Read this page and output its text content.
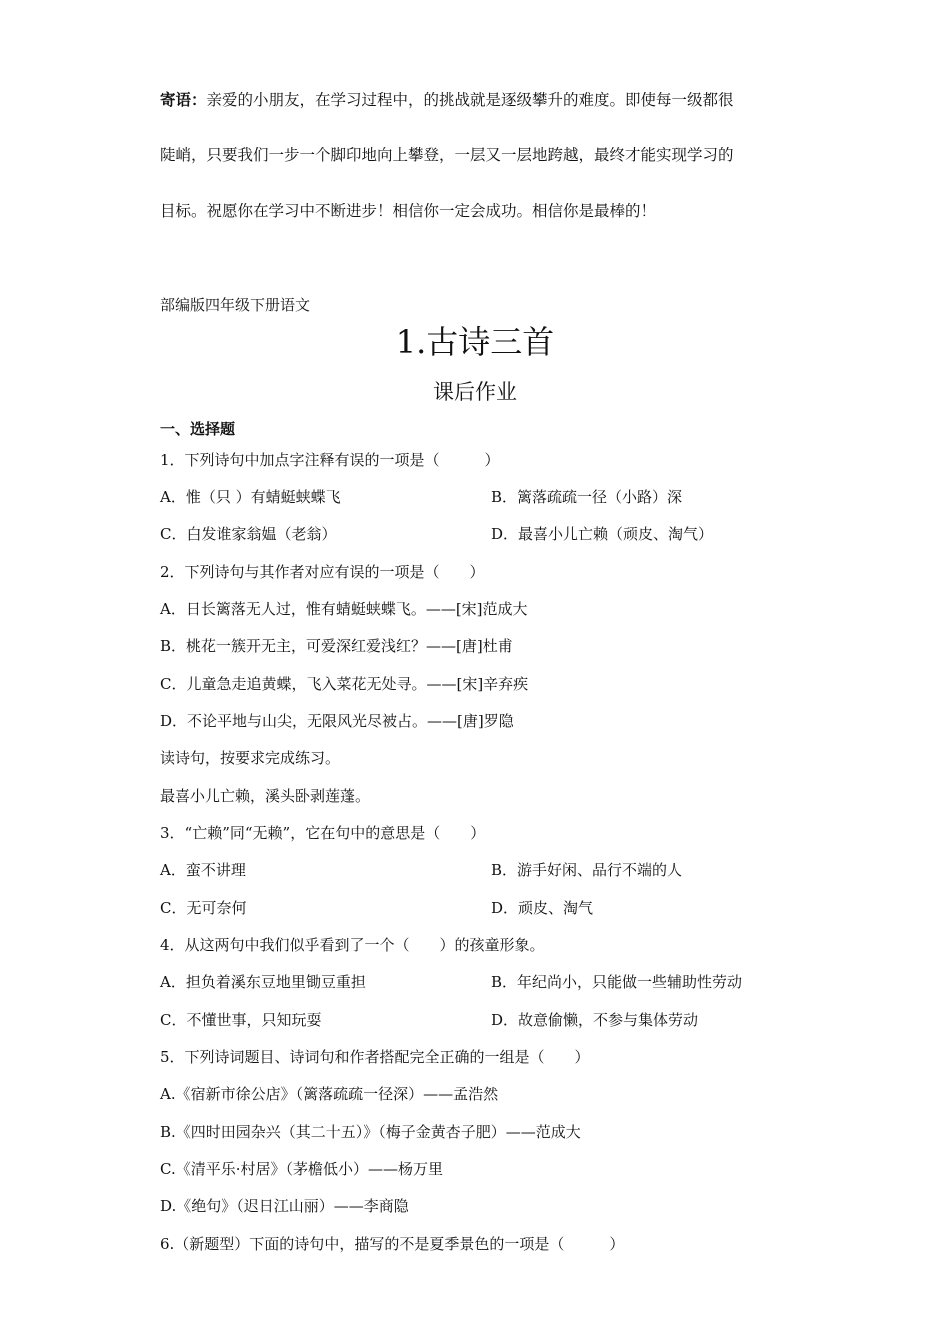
寄语：亲爱的小朋友，在学习过程中，的挑战就是逐级攀升的难度。即使每一级都很
陡峭，只要我们一步一个脚印地向上攀登，一层又一层地跨越，最终才能实现学习的
目标。祝愿你在学习中不断进步！相信你一定会成功。相信你是最棒的！
部编版四年级下册语文
1.古诗三首
课后作业
一、选择题
1．下列诗句中加点字注释有误的一项是（　　　）
A．惟（只 ）有蜻蜓蛱蝶飞	B．篱落疏疏一径（小路）深
C．白发谁家翁媪（老翁）	D．最喜小儿亡赖（顽皮、淘气）
2．下列诗句与其作者对应有误的一项是（　　）
A．日长篱落无人过，惟有蜻蜓蛱蝶飞。——[宋]范成大
B．桃花一簇开无主，可爱深红爱浅红？——[唐]杜甫
C．儿童急走追黄蝶，飞入菜花无处寻。——[宋]辛弃疾
D．不论平地与山尖，无限风光尽被占。——[唐]罗隐
读诗句，按要求完成练习。
最喜小儿亡赖，溪头卧剥莲蓬。
3．“亡赖”同“无赖”，它在句中的意思是（　　）
A．蛮不讲理	B．游手好闲、品行不端的人
C．无可奈何	D．顽皮、淘气
4．从这两句中我们似乎看到了一个（　　）的孩童形象。
A．担负着溪东豆地里锄豆重担	B．年纪尚小，只能做一些辅助性劳动
C．不懂世事，只知玩耍	D．故意偷懒，不参与集体劳动
5．下列诗词题目、诗词句和作者搭配完全正确的一组是（　　）
A.《宿新市徐公店》（篱落疏疏一径深）——孟浩然
B.《四时田园杂兴（其二十五）》（梅子金黄杏子肥）——范成大
C.《清平乐·村居》（茅檐低小）——杨万里
D.《绝句》（迟日江山丽）——李商隐
6.（新题型）下面的诗句中，描写的不是夏季景色的一项是（　　　）
